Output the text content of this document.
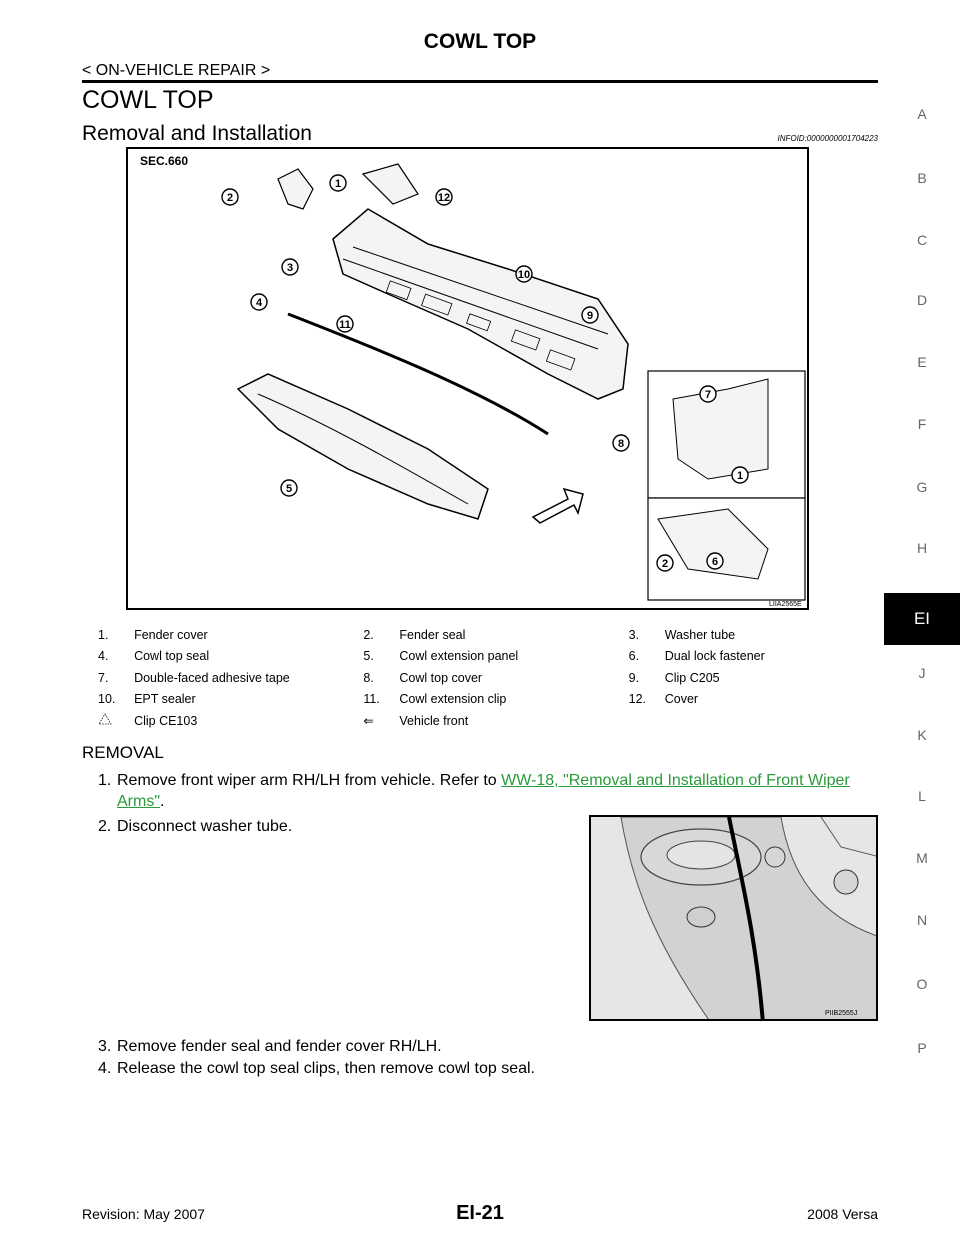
COWL TOP
< ON-VEHICLE REPAIR >
COWL TOP
Removal and Installation	INFOID:0000000001704223
SEC.660
2
1
12
3
10
4
9
11
7
8
1
5
6
2
LIIA2565E
1.	Fender cover	2.	Fender seal	3.	Washer tube
4.	Cowl top seal	5.	Cowl extension panel	6.	Dual lock fastener
7.	Double-faced adhesive tape	8.	Cowl top cover	9.	Clip C205
10.	EPT sealer	11.	Cowl extension clip	12.	Cover
	Clip CE103	⇐	Vehicle front		
REMOVAL
1. Remove front wiper arm RH/LH from vehicle. Refer to WW-18, "Removal and Installation of Front Wiper
Arms".
2. Disconnect washer tube.
PIIB2555J
3. Remove fender seal and fender cover RH/LH.
4. Release the cowl top seal clips, then remove cowl top seal.
A
B
C
D
E
F
G
H
EI
J
K
L
M
N
O
P
Revision: May 2007	EI-21	2008 Versa
